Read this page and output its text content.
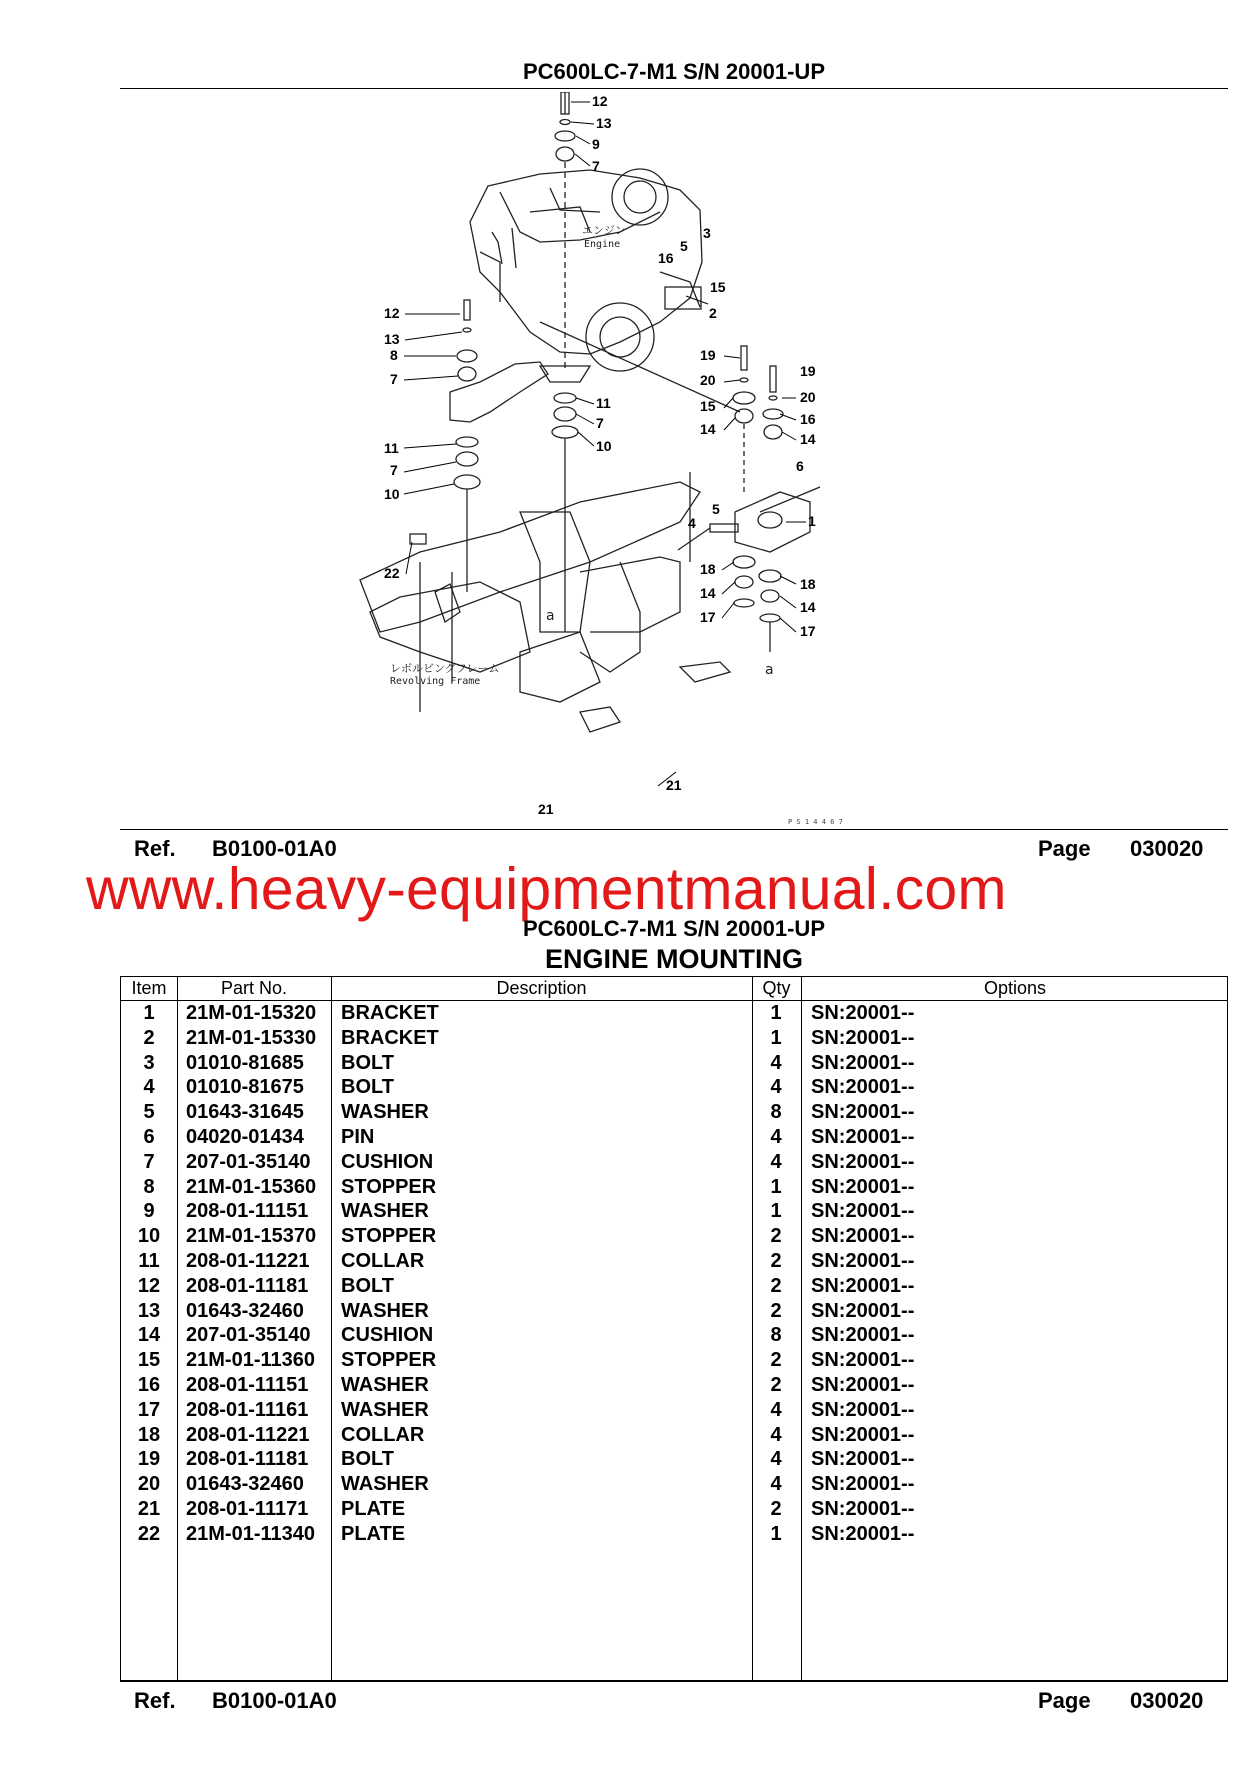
PC600LC-7-M1 S/N 20001-UP
エンジン
Engine
レボルビングフレーム
Revolving Frame
a
a
P S 1 4 4 6 7
12
13
9
7
3
5
16
15
2
12
13
8
7
11
7
10
19
20
19
20
15
16
14
14
6
11
7
10
5
4	1
18
18
14
14
17
17
22
21
21
Ref. B0100-01A0	Page 030020
www.heavy-equipmentmanual.com
PC600LC-7-M1 S/N 20001-UP
ENGINE MOUNTING
Item	Part No.	Description	Qty	Options
1	21M-01-15320 BRACKET	1	SN:20001--
2	21M-01-15330 BRACKET	1	SN:20001--
3	01010-81685 BOLT	4	SN:20001--
4	01010-81675 BOLT	4	SN:20001--
5	01643-31645 WASHER	8	SN:20001--
6	04020-01434 PIN	4	SN:20001--
7	207-01-35140 CUSHION	4	SN:20001--
8	21M-01-15360 STOPPER	1	SN:20001--
9	208-01-11151 WASHER	1	SN:20001--
10	21M-01-15370 STOPPER	2	SN:20001--
11	208-01-11221 COLLAR	2	SN:20001--
12	208-01-11181 BOLT	2	SN:20001--
13	01643-32460 WASHER	2	SN:20001--
14	207-01-35140 CUSHION	8	SN:20001--
15	21M-01-11360 STOPPER	2	SN:20001--
16	208-01-11151 WASHER	2	SN:20001--
17	208-01-11161 WASHER	4	SN:20001--
18	208-01-11221 COLLAR	4	SN:20001--
19	208-01-11181 BOLT	4	SN:20001--
20	01643-32460 WASHER	4	SN:20001--
21	208-01-11171 PLATE	2	SN:20001--
22	21M-01-11340 PLATE	1	SN:20001--
Ref. B0100-01A0	Page 030020
